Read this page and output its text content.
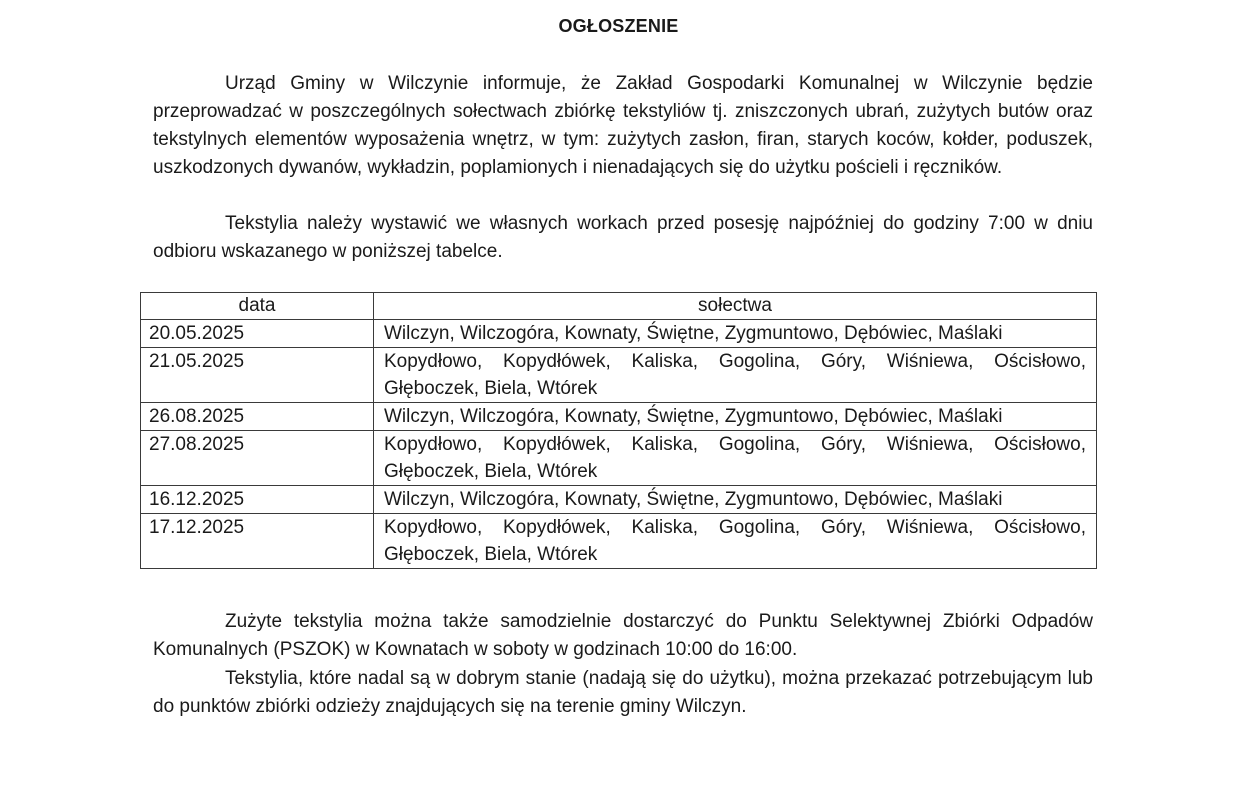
OGŁOSZENIE

Urząd Gminy w Wilczynie informuje, że Zakład Gospodarki Komunalnej w Wilczynie będzie przeprowadzać w poszczególnych sołectwach zbiórkę tekstyliów tj. zniszczonych ubrań, zużytych butów oraz tekstylnych elementów wyposażenia wnętrz, w tym: zużytych zasłon, firan, starych koców, kołder, poduszek, uszkodzonych dywanów, wykładzin, poplamionych i nienadających się do użytku pościeli i ręczników.

Tekstylia należy wystawić we własnych workach przed posesję najpóźniej do godziny 7:00 w dniu odbioru wskazanego w poniższej tabelce.

data	sołectwa
20.05.2025	Wilczyn, Wilczogóra, Kownaty, Świętne, Zygmuntowo, Dębówiec, Maślaki
21.05.2025	Kopydłowo, Kopydłówek, Kaliska, Gogolina, Góry, Wiśniewa, Ościsłowo, Głęboczek, Biela, Wtórek
26.08.2025	Wilczyn, Wilczogóra, Kownaty, Świętne, Zygmuntowo, Dębówiec, Maślaki
27.08.2025	Kopydłowo, Kopydłówek, Kaliska, Gogolina, Góry, Wiśniewa, Ościsłowo, Głęboczek, Biela, Wtórek
16.12.2025	Wilczyn, Wilczogóra, Kownaty, Świętne, Zygmuntowo, Dębówiec, Maślaki
17.12.2025	Kopydłowo, Kopydłówek, Kaliska, Gogolina, Góry, Wiśniewa, Ościsłowo, Głęboczek, Biela, Wtórek

Zużyte tekstylia można także samodzielnie dostarczyć do Punktu Selektywnej Zbiórki Odpadów Komunalnych (PSZOK) w Kownatach w soboty w godzinach 10:00 do 16:00.

Tekstylia, które nadal są w dobrym stanie (nadają się do użytku), można przekazać potrzebującym lub do punktów zbiórki odzieży znajdujących się na terenie gminy Wilczyn.
